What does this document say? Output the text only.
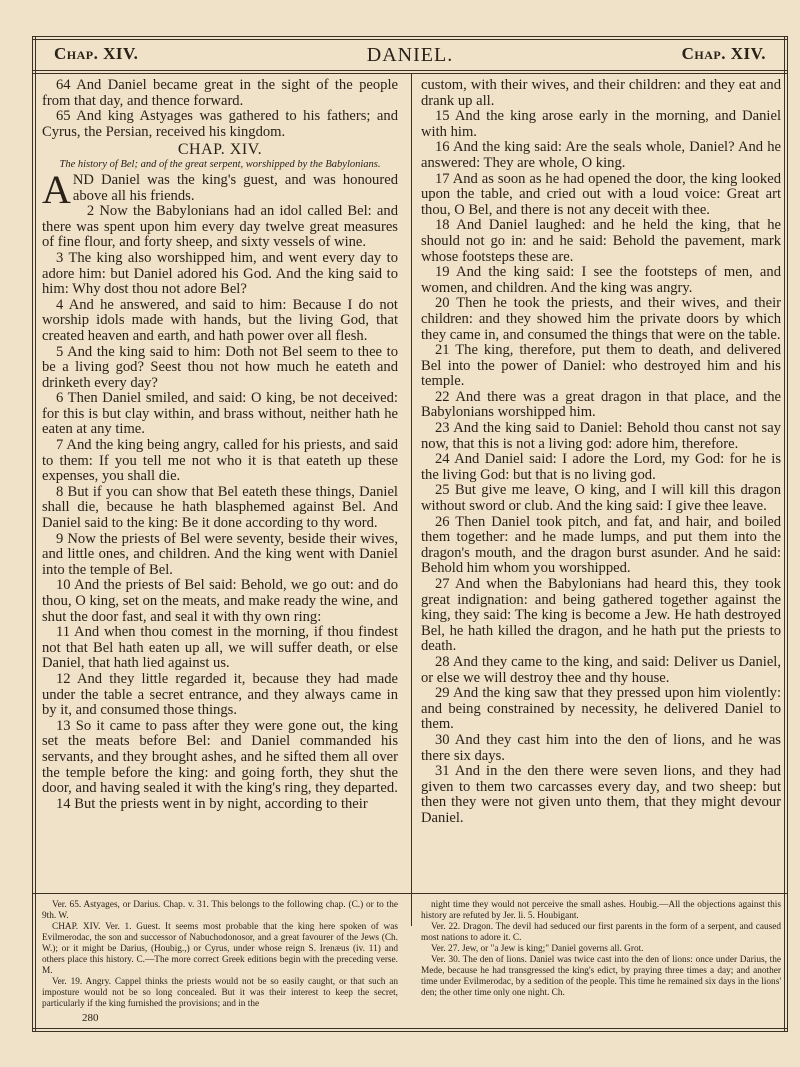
Chap. XIV.	DANIEL.	Chap. XIV.

64 And Daniel became great in the sight of the people from that day, and thence forward.

65 And king Astyages was gathered to his fathers; and Cyrus, the Persian, received his kingdom.

CHAP. XIV.

The history of Bel; and of the great serpent, worshipped by the Babylonians.

AND Daniel was the king's guest, and was honoured above all his friends.

2 Now the Babylonians had an idol called Bel: and there was spent upon him every day twelve great measures of fine flour, and forty sheep, and sixty vessels of wine.

3 The king also worshipped him, and went every day to adore him: but Daniel adored his God. And the king said to him: Why dost thou not adore Bel?

4 And he answered, and said to him: Because I do not worship idols made with hands, but the living God, that created heaven and earth, and hath power over all flesh.

5 And the king said to him: Doth not Bel seem to thee to be a living god? Seest thou not how much he eateth and drinketh every day?

6 Then Daniel smiled, and said: O king, be not deceived: for this is but clay within, and brass without, neither hath he eaten at any time.

7 And the king being angry, called for his priests, and said to them: If you tell me not who it is that eateth up these expenses, you shall die.

8 But if you can show that Bel eateth these things, Daniel shall die, because he hath blasphemed against Bel. And Daniel said to the king: Be it done according to thy word.

9 Now the priests of Bel were seventy, beside their wives, and little ones, and children. And the king went with Daniel into the temple of Bel.

10 And the priests of Bel said: Behold, we go out: and do thou, O king, set on the meats, and make ready the wine, and shut the door fast, and seal it with thy own ring:

11 And when thou comest in the morning, if thou findest not that Bel hath eaten up all, we will suffer death, or else Daniel, that hath lied against us.

12 And they little regarded it, because they had made under the table a secret entrance, and they always came in by it, and consumed those things.

13 So it came to pass after they were gone out, the king set the meats before Bel: and Daniel commanded his servants, and they brought ashes, and he sifted them all over the temple before the king: and going forth, they shut the door, and having sealed it with the king's ring, they departed.

14 But the priests went in by night, according to their

custom, with their wives, and their children: and they eat and drank up all.

15 And the king arose early in the morning, and Daniel with him.

16 And the king said: Are the seals whole, Daniel? And he answered: They are whole, O king.

17 And as soon as he had opened the door, the king looked upon the table, and cried out with a loud voice: Great art thou, O Bel, and there is not any deceit with thee.

18 And Daniel laughed: and he held the king, that he should not go in: and he said: Behold the pavement, mark whose footsteps these are.

19 And the king said: I see the footsteps of men, and women, and children. And the king was angry.

20 Then he took the priests, and their wives, and their children: and they showed him the private doors by which they came in, and consumed the things that were on the table.

21 The king, therefore, put them to death, and delivered Bel into the power of Daniel: who destroyed him and his temple.

22 And there was a great dragon in that place, and the Babylonians worshipped him.

23 And the king said to Daniel: Behold thou canst not say now, that this is not a living god: adore him, therefore.

24 And Daniel said: I adore the Lord, my God: for he is the living God: but that is no living god.

25 But give me leave, O king, and I will kill this dragon without sword or club. And the king said: I give thee leave.

26 Then Daniel took pitch, and fat, and hair, and boiled them together: and he made lumps, and put them into the dragon's mouth, and the dragon burst asunder. And he said: Behold him whom you worshipped.

27 And when the Babylonians had heard this, they took great indignation: and being gathered together against the king, they said: The king is become a Jew. He hath destroyed Bel, he hath killed the dragon, and he hath put the priests to death.

28 And they came to the king, and said: Deliver us Daniel, or else we will destroy thee and thy house.

29 And the king saw that they pressed upon him violently: and being constrained by necessity, he delivered Daniel to them.

30 And they cast him into the den of lions, and he was there six days.

31 And in the den there were seven lions, and they had given to them two carcasses every day, and two sheep: but then they were not given unto them, that they might devour Daniel.

Ver. 65. Astyages, or Darius. Chap. v. 31. This belongs to the following chap. (C.) or to the 9th. W.

CHAP. XIV. Ver. 1. Guest. It seems most probable that the king here spoken of was Evilmerodac, the son and successor of Nabuchodonosor, and a great favourer of the Jews (Ch. W.); or it might be Darius, (Houbig.,) or Cyrus, under whose reign S. Irenæus (iv. 11) and others place this history. C.—The more correct Greek editions begin with the preceding verse. M.

Ver. 19. Angry. Cappel thinks the priests would not be so easily caught, or that such an imposture would not be so long concealed. But it was their interest to keep the secret, particularly if the king furnished the provisions; and in the

280

night time they would not perceive the small ashes. Houbig.—All the objections against this history are refuted by Jer. li. 5. Houbigant.

Ver. 22. Dragon. The devil had seduced our first parents in the form of a serpent, and caused most nations to adore it. C.

Ver. 27. Jew, or "a Jew is king;" Daniel governs all. Grot.

Ver. 30. The den of lions. Daniel was twice cast into the den of lions: once under Darius, the Mede, because he had transgressed the king's edict, by praying three times a day; and another time under Evilmerodac, by a sedition of the people. This time he remained six days in the lions' den; the other time only one night. Ch.
